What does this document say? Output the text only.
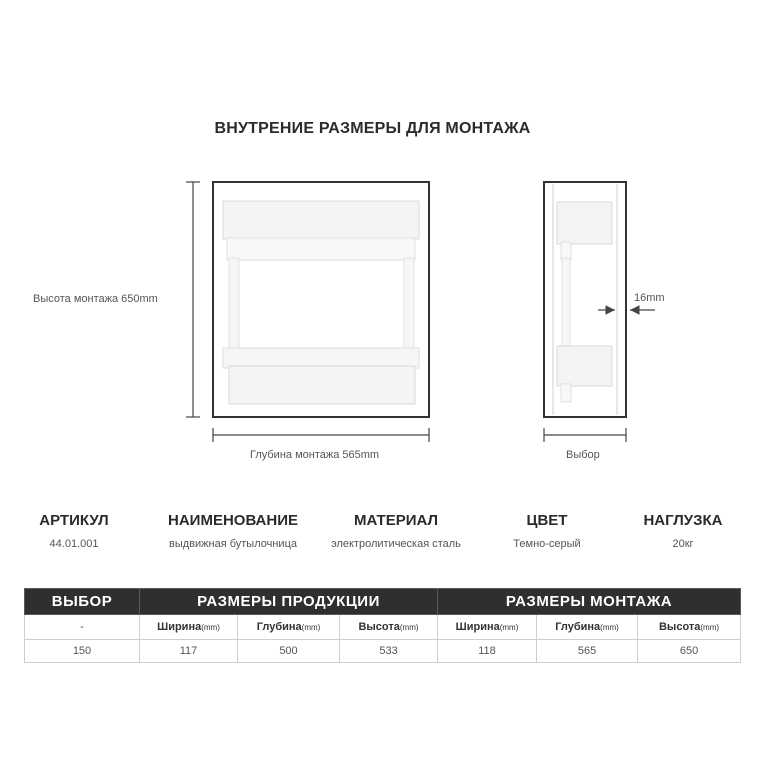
ВНУТРЕНИЕ РАЗМЕРЫ ДЛЯ МОНТАЖА
Высота монтажа 650mm
Глубина монтажа 565mm
16mm
Выбор
АРТИКУЛ
44.01.001
НАИМЕНОВАНИЕ
выдвижная бутылочница
МАТЕРИАЛ
электролитическая сталь
ЦВЕТ
Темно-серый
НАГЛУЗКА
20кг
ВЫБОР	РАЗМЕРЫ ПРОДУКЦИИ			РАЗМЕРЫ МОНТАЖА		
-	Ширина(mm)	Глубина(mm)	Высота(mm)	Ширина(mm)	Глубина(mm)	Высота(mm)
150	117	500	533	118	565	650
